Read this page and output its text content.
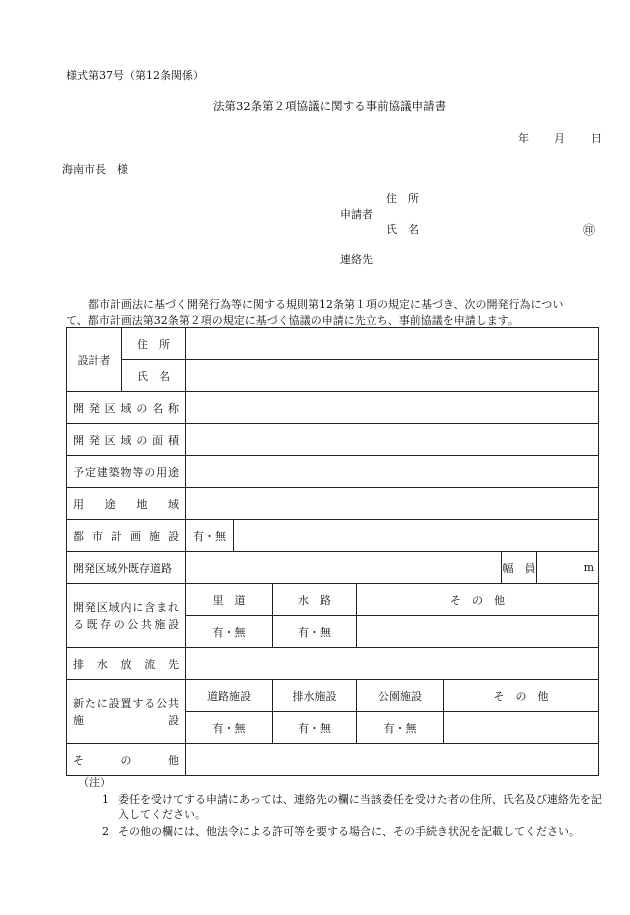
様式第37号（第12条関係）
法第32条第２項協議に関する事前協議申請書
年 月 日
海南市長　様
住　所
申請者
氏　名	㊞
連絡先
都市計画法に基づく開発行為等に関する規則第12条第１項の規定に基づき、次の開発行為につい
て、都市計画法第32条第２項の規定に基づく協議の申請に先立ち、事前協議を申請します。
設計者	住　所							
	氏　名							
開発区域の名称								
開発区域の面積								
予定建築物等の用途								
用途地域								
都市計画施設		有・無						
開発区域外既存道路							幅　員	m
開発区域内に含まれる既存の公共施設		里　道		水　路	そ　の　他			
		有・無		有・無				
排水放流先								
新たに設置する公共施設		道路施設		排水施設	公園施設	そ　の　他		
		有・無		有・無	有・無			
その他								
（注）
1 委任を受けてする申請にあっては、連絡先の欄に当該委任を受けた者の住所、氏名及び連絡先を記入してください。
2 その他の欄には、他法令による許可等を要する場合に、その手続き状況を記載してください。
